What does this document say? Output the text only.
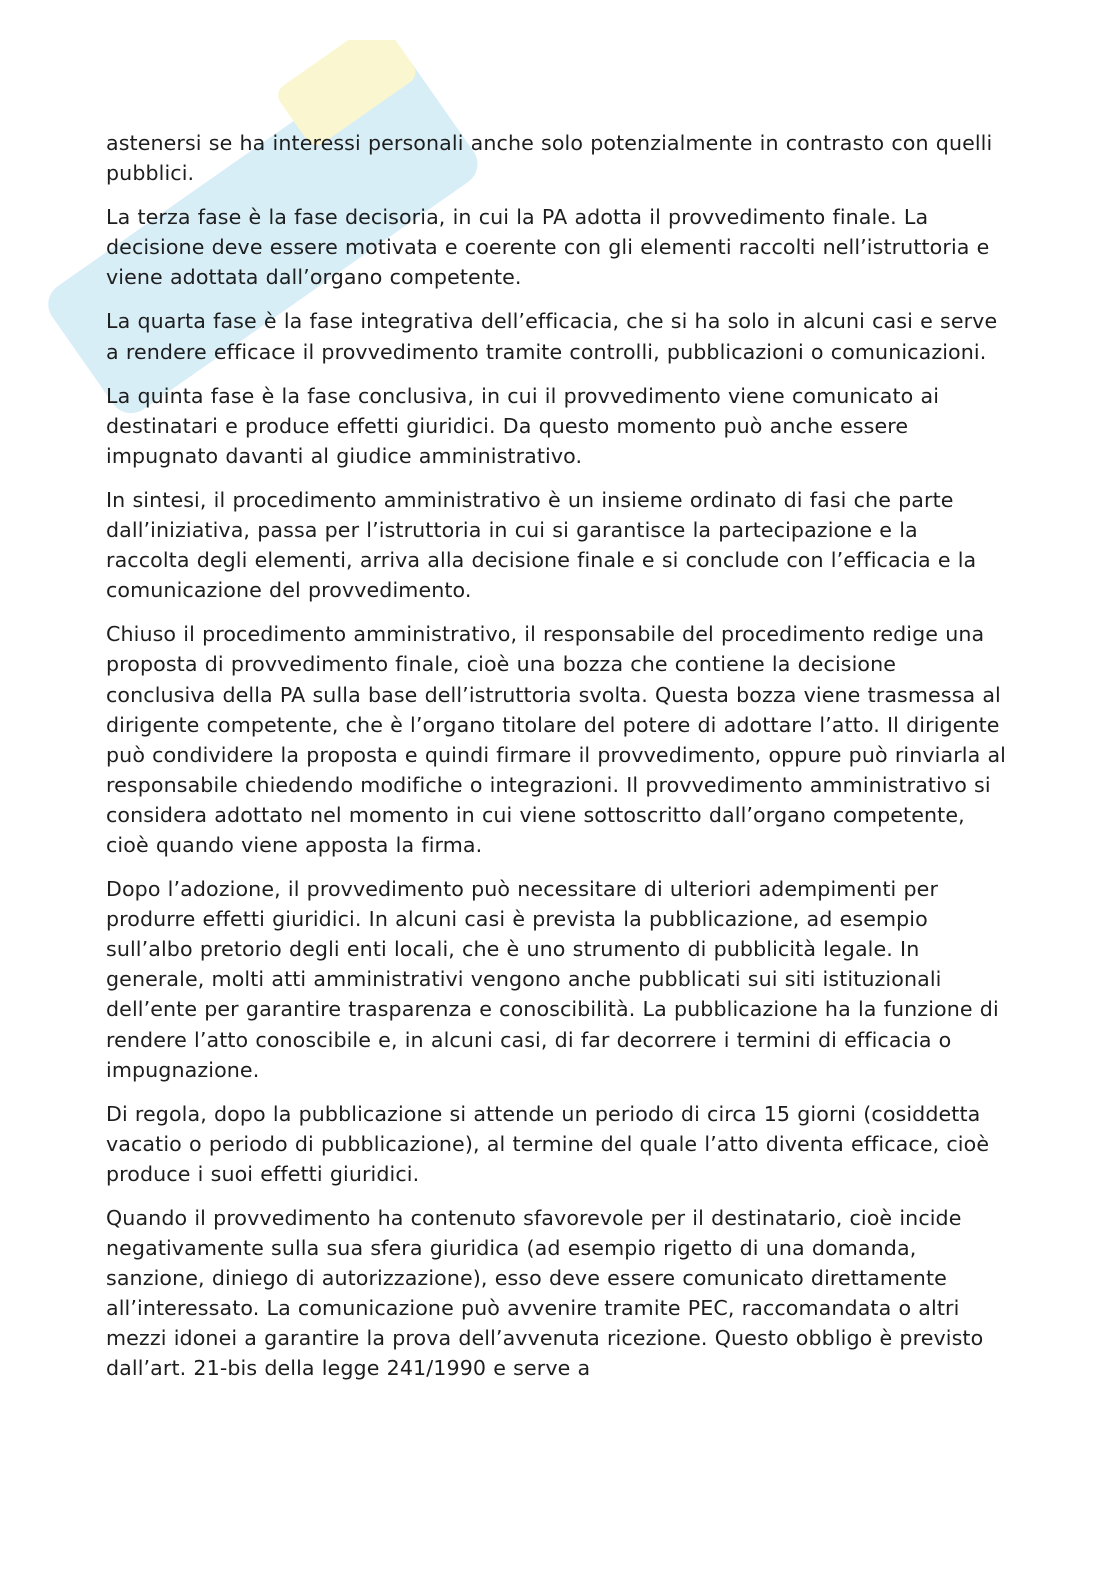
astenersi se ha interessi personali anche solo potenzialmente in contrasto con quelli pubblici.

La terza fase è la fase decisoria, in cui la PA adotta il provvedimento finale. La decisione deve essere motivata e coerente con gli elementi raccolti nell’istruttoria e viene adottata dall’organo competente.

La quarta fase è la fase integrativa dell’efficacia, che si ha solo in alcuni casi e serve a rendere efficace il provvedimento tramite controlli, pubblicazioni o comunicazioni.

La quinta fase è la fase conclusiva, in cui il provvedimento viene comunicato ai destinatari e produce effetti giuridici. Da questo momento può anche essere impugnato davanti al giudice amministrativo.

In sintesi, il procedimento amministrativo è un insieme ordinato di fasi che parte dall’iniziativa, passa per l’istruttoria in cui si garantisce la partecipazione e la raccolta degli elementi, arriva alla decisione finale e si conclude con l’efficacia e la comunicazione del provvedimento.

Chiuso il procedimento amministrativo, il responsabile del procedimento redige una proposta di provvedimento finale, cioè una bozza che contiene la decisione conclusiva della PA sulla base dell’istruttoria svolta. Questa bozza viene trasmessa al dirigente competente, che è l’organo titolare del potere di adottare l’atto. Il dirigente può condividere la proposta e quindi firmare il provvedimento, oppure può rinviarla al responsabile chiedendo modifiche o integrazioni. Il provvedimento amministrativo si considera adottato nel momento in cui viene sottoscritto dall’organo competente, cioè quando viene apposta la firma.

Dopo l’adozione, il provvedimento può necessitare di ulteriori adempimenti per produrre effetti giuridici. In alcuni casi è prevista la pubblicazione, ad esempio sull’albo pretorio degli enti locali, che è uno strumento di pubblicità legale. In generale, molti atti amministrativi vengono anche pubblicati sui siti istituzionali dell’ente per garantire trasparenza e conoscibilità. La pubblicazione ha la funzione di rendere l’atto conoscibile e, in alcuni casi, di far decorrere i termini di efficacia o impugnazione.

Di regola, dopo la pubblicazione si attende un periodo di circa 15 giorni (cosiddetta vacatio o periodo di pubblicazione), al termine del quale l’atto diventa efficace, cioè produce i suoi effetti giuridici.

Quando il provvedimento ha contenuto sfavorevole per il destinatario, cioè incide negativamente sulla sua sfera giuridica (ad esempio rigetto di una domanda, sanzione, diniego di autorizzazione), esso deve essere comunicato direttamente all’interessato. La comunicazione può avvenire tramite PEC, raccomandata o altri mezzi idonei a garantire la prova dell’avvenuta ricezione. Questo obbligo è previsto dall’art. 21-bis della legge 241/1990 e serve a
